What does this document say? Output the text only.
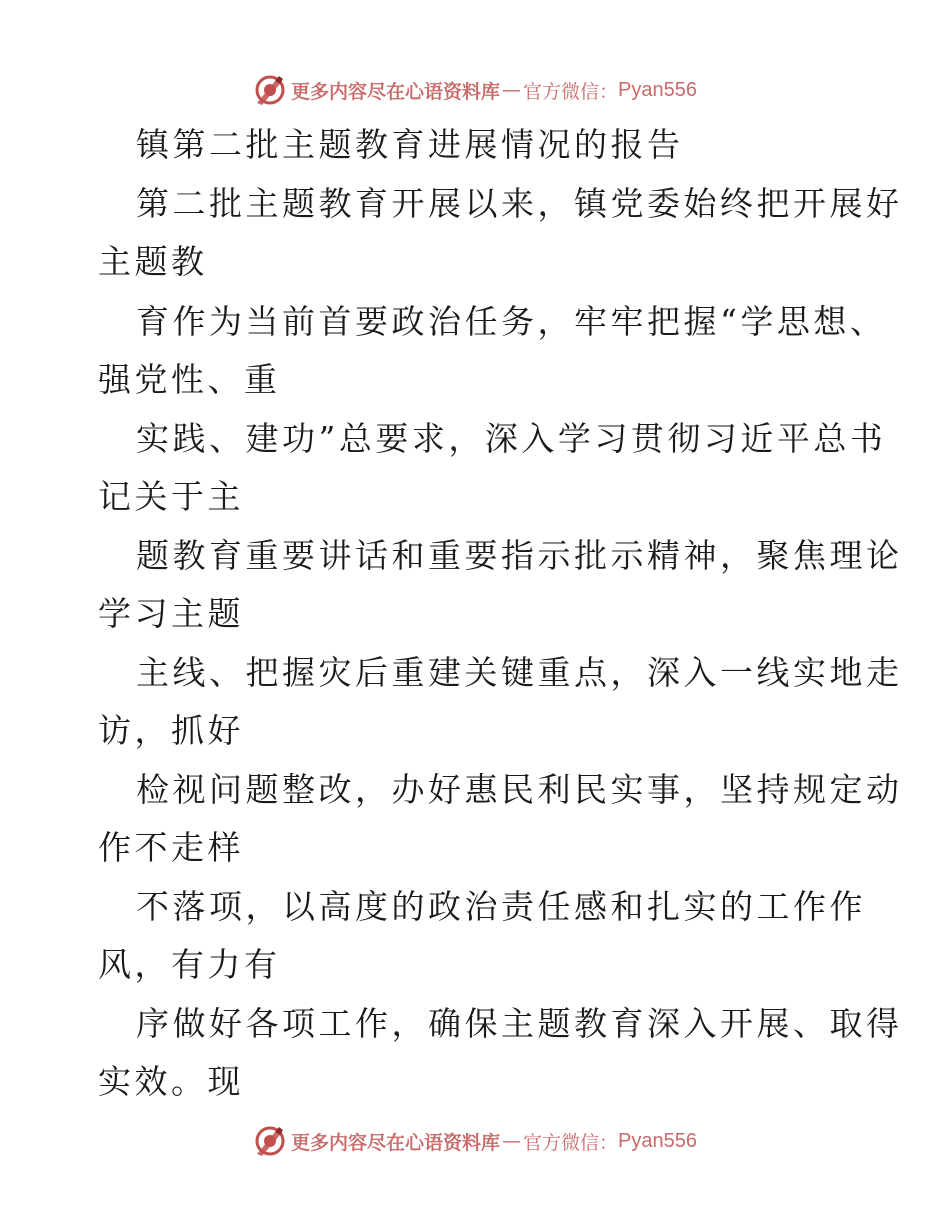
更多内容尽在心语资料库 — 官方微信： Pyan556
镇第二批主题教育进展情况的报告
第二批主题教育开展以来，镇党委始终把开展好
主题教
育作为当前首要政治任务，牢牢把握“学思想、
强党性、重
实践、建功”总要求，深入学习贯彻习近平总书
记关于主
题教育重要讲话和重要指示批示精神，聚焦理论
学习主题
主线、把握灾后重建关键重点，深入一线实地走
访，抓好
检视问题整改，办好惠民利民实事，坚持规定动
作不走样
不落项，以高度的政治责任感和扎实的工作作
风，有力有
序做好各项工作，确保主题教育深入开展、取得
实效。现
更多内容尽在心语资料库 — 官方微信： Pyan556
